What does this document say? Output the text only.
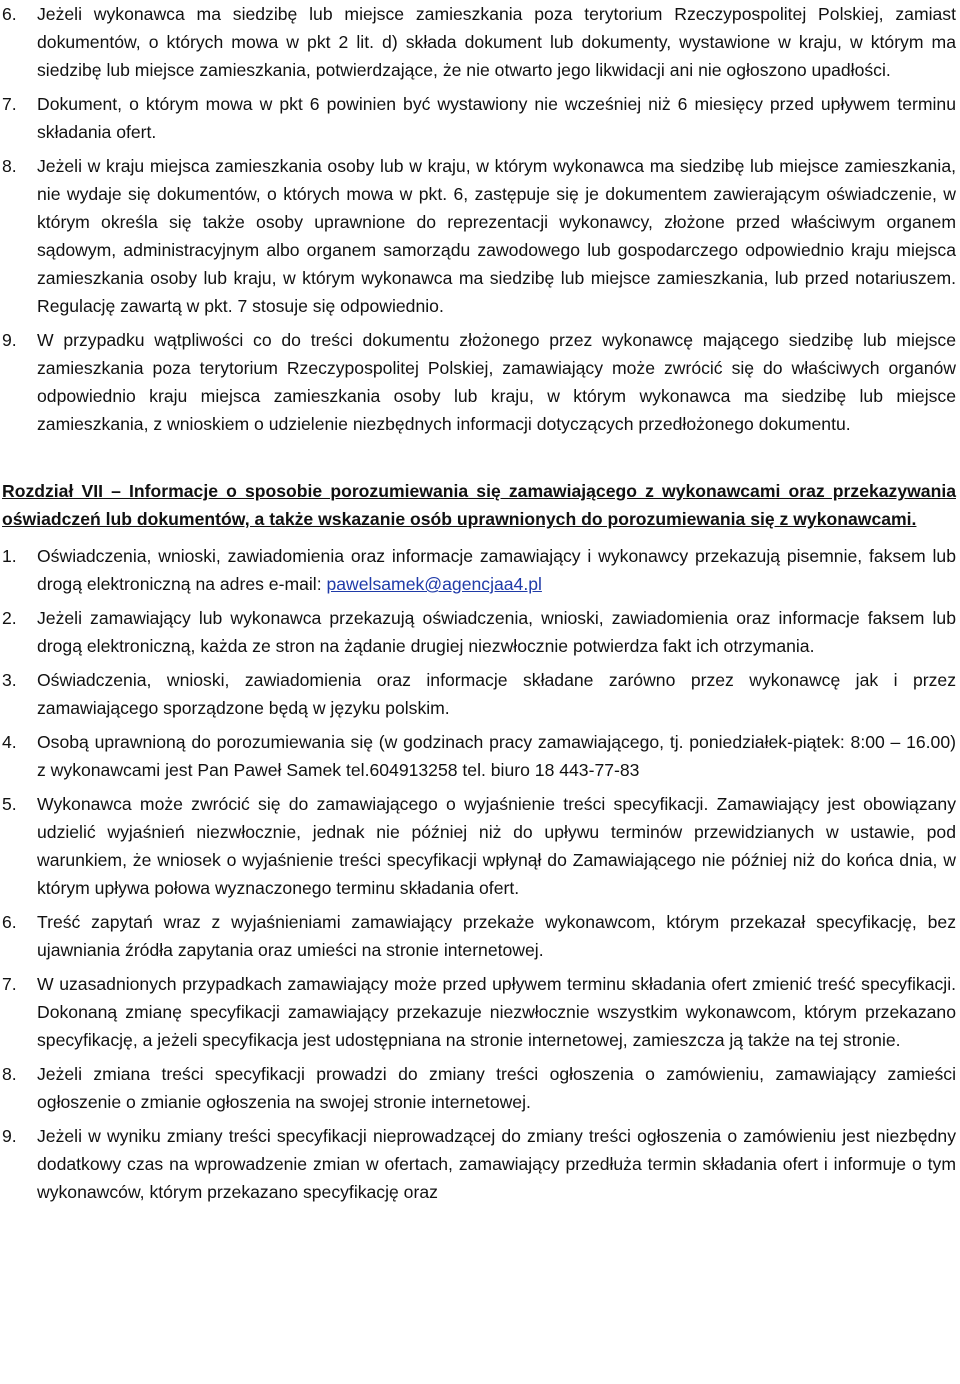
6. Jeżeli wykonawca ma siedzibę lub miejsce zamieszkania poza terytorium Rzeczypospolitej Polskiej, zamiast dokumentów, o których mowa w pkt 2 lit. d) składa dokument lub dokumenty, wystawione w kraju, w którym ma siedzibę lub miejsce zamieszkania, potwierdzające, że nie otwarto jego likwidacji ani nie ogłoszono upadłości.
7. Dokument, o którym mowa w pkt 6 powinien być wystawiony nie wcześniej niż 6 miesięcy przed upływem terminu składania ofert.
8. Jeżeli w kraju miejsca zamieszkania osoby lub w kraju, w którym wykonawca ma siedzibę lub miejsce zamieszkania, nie wydaje się dokumentów, o których mowa w pkt. 6, zastępuje się je dokumentem zawierającym oświadczenie, w którym określa się także osoby uprawnione do reprezentacji wykonawcy, złożone przed właściwym organem sądowym, administracyjnym albo organem samorządu zawodowego lub gospodarczego odpowiednio kraju miejsca zamieszkania osoby lub kraju, w którym wykonawca ma siedzibę lub miejsce zamieszkania, lub przed notariuszem. Regulację zawartą w pkt. 7 stosuje się odpowiednio.
9. W przypadku wątpliwości co do treści dokumentu złożonego przez wykonawcę mającego siedzibę lub miejsce zamieszkania poza terytorium Rzeczypospolitej Polskiej, zamawiający może zwrócić się do właściwych organów odpowiednio kraju miejsca zamieszkania osoby lub kraju, w którym wykonawca ma siedzibę lub miejsce zamieszkania, z wnioskiem o udzielenie niezbędnych informacji dotyczących przedłożonego dokumentu.
Rozdział VII – Informacje o sposobie porozumiewania się zamawiającego z wykonawcami oraz przekazywania oświadczeń lub dokumentów, a także wskazanie osób uprawnionych do porozumiewania się z wykonawcami.
1. Oświadczenia, wnioski, zawiadomienia oraz informacje zamawiający i wykonawcy przekazują pisemnie, faksem lub drogą elektroniczną na adres e-mail: pawelsamek@agencjaa4.pl
2. Jeżeli zamawiający lub wykonawca przekazują oświadczenia, wnioski, zawiadomienia oraz informacje faksem lub drogą elektroniczną, każda ze stron na żądanie drugiej niezwłocznie potwierdza fakt ich otrzymania.
3. Oświadczenia, wnioski, zawiadomienia oraz informacje składane zarówno przez wykonawcę jak i przez zamawiającego sporządzone będą w języku polskim.
4. Osobą uprawnioną do porozumiewania się (w godzinach pracy zamawiającego, tj. poniedziałek-piątek: 8:00 – 16.00) z wykonawcami jest Pan Paweł Samek tel.604913258 tel. biuro 18 443-77-83
5. Wykonawca może zwrócić się do zamawiającego o wyjaśnienie treści specyfikacji. Zamawiający jest obowiązany udzielić wyjaśnień niezwłocznie, jednak nie później niż do upływu terminów przewidzianych w ustawie, pod warunkiem, że wniosek o wyjaśnienie treści specyfikacji wpłynął do Zamawiającego nie później niż do końca dnia, w którym upływa połowa wyznaczonego terminu składania ofert.
6. Treść zapytań wraz z wyjaśnieniami zamawiający przekaże wykonawcom, którym przekazał specyfikację, bez ujawniania źródła zapytania oraz umieści na stronie internetowej.
7. W uzasadnionych przypadkach zamawiający może przed upływem terminu składania ofert zmienić treść specyfikacji. Dokonaną zmianę specyfikacji zamawiający przekazuje niezwłocznie wszystkim wykonawcom, którym przekazano specyfikację, a jeżeli specyfikacja jest udostępniana na stronie internetowej, zamieszcza ją także na tej stronie.
8. Jeżeli zmiana treści specyfikacji prowadzi do zmiany treści ogłoszenia o zamówieniu, zamawiający zamieści ogłoszenie o zmianie ogłoszenia na swojej stronie internetowej.
9. Jeżeli w wyniku zmiany treści specyfikacji nieprowadzącej do zmiany treści ogłoszenia o zamówieniu jest niezbędny dodatkowy czas na wprowadzenie zmian w ofertach, zamawiający przedłuża termin składania ofert i informuje o tym wykonawców, którym przekazano specyfikację oraz
